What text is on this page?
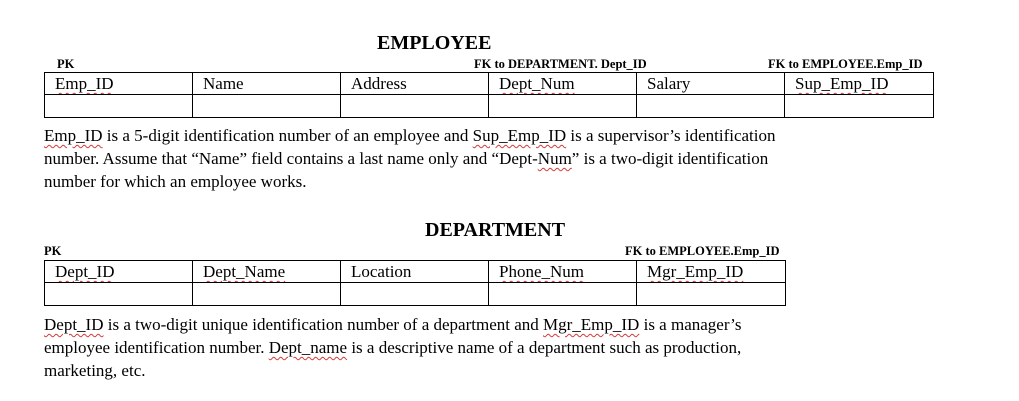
EMPLOYEE
PK	FK to DEPARTMENT. Dept_ID	FK to EMPLOYEE.Emp_ID
Emp_ID	Name	Address	Dept_Num	Salary	Sup_Emp_ID

Emp_ID is a 5-digit identification number of an employee and Sup_Emp_ID is a supervisor’s identification
number. Assume that “Name” field contains a last name only and “Dept-Num” is a two-digit identification
number for which an employee works.
DEPARTMENT
PK	FK to EMPLOYEE.Emp_ID
Dept_ID	Dept_Name	Location	Phone_Num	Mgr_Emp_ID

Dept_ID is a two-digit unique identification number of a department and Mgr_Emp_ID is a manager’s
employee identification number. Dept_name is a descriptive name of a department such as production,
marketing, etc.
